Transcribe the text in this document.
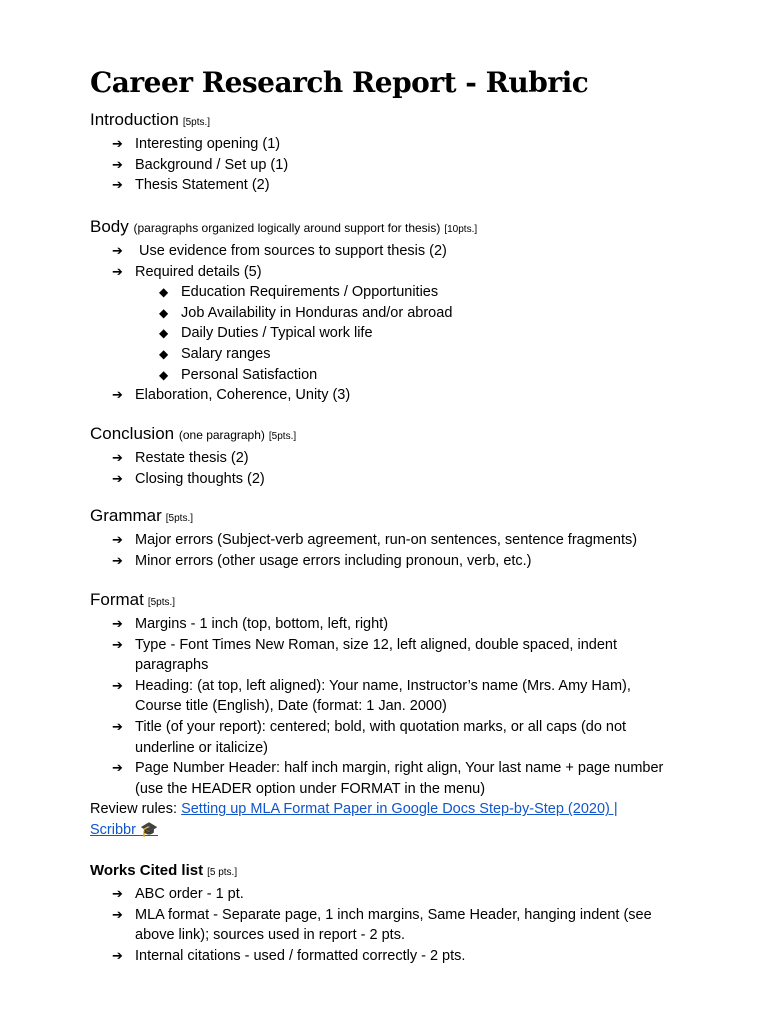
Career Research Report - Rubric
Introduction [5pts.]
➔ Interesting opening (1)
➔ Background / Set up (1)
➔ Thesis Statement (2)
Body (paragraphs organized logically around support for thesis) [10pts.]
➔ Use evidence from sources to support thesis (2)
➔ Required details (5)
◆ Education Requirements / Opportunities
◆ Job Availability in Honduras and/or abroad
◆ Daily Duties / Typical work life
◆ Salary ranges
◆ Personal Satisfaction
➔ Elaboration, Coherence, Unity (3)
Conclusion (one paragraph) [5pts.]
➔ Restate thesis (2)
➔ Closing thoughts (2)
Grammar [5pts.]
➔ Major errors (Subject-verb agreement, run-on sentences, sentence fragments)
➔ Minor errors (other usage errors including pronoun, verb, etc.)
Format [5pts.]
➔ Margins - 1 inch (top, bottom, left, right)
➔ Type - Font Times New Roman, size 12, left aligned, double spaced, indent paragraphs
➔ Heading: (at top, left aligned): Your name, Instructor’s name (Mrs. Amy Ham), Course title (English), Date (format: 1 Jan. 2000)
➔ Title (of your report): centered; bold, with quotation marks, or all caps (do not underline or italicize)
➔ Page Number Header: half inch margin, right align, Your last name + page number (use the HEADER option under FORMAT in the menu)
Review rules: Setting up MLA Format Paper in Google Docs Step-by-Step (2020) | Scribbr 🎓
Works Cited list [5 pts.]
➔ ABC order - 1 pt.
➔ MLA format - Separate page, 1 inch margins, Same Header, hanging indent (see above link); sources used in report - 2 pts.
➔ Internal citations - used / formatted correctly - 2 pts.
